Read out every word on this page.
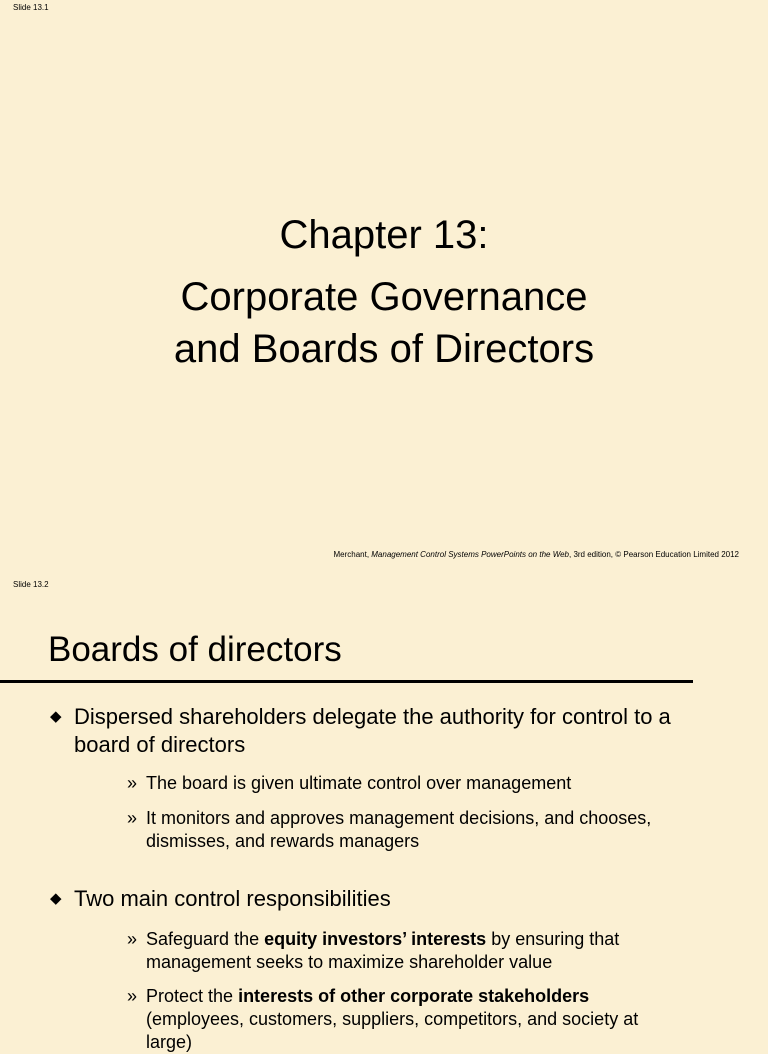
Slide 13.1
Chapter 13:
Corporate Governance
and Boards of Directors
Merchant, Management Control Systems PowerPoints on the Web, 3rd edition, © Pearson Education Limited 2012
Slide 13.2
Boards of directors
◆ Dispersed shareholders delegate the authority for control to a board of directors
» The board is given ultimate control over management
» It monitors and approves management decisions, and chooses, dismisses, and rewards managers
◆ Two main control responsibilities
» Safeguard the equity investors’ interests by ensuring that management seeks to maximize shareholder value
» Protect the interests of other corporate stakeholders (employees, customers, suppliers, competitors, and society at large)
